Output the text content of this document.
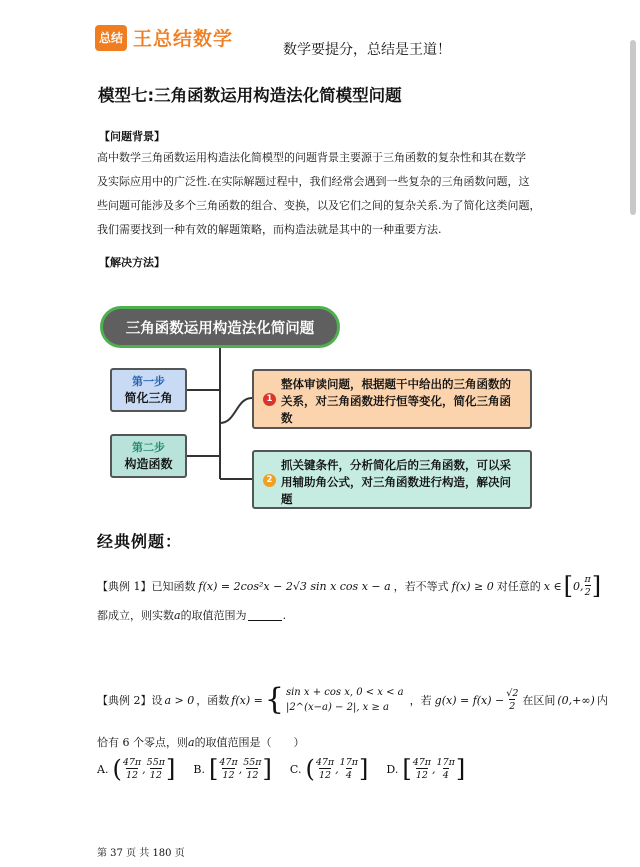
总结 王总结数学	数学要提分，总结是王道！
模型七:三角函数运用构造法化简模型问题
【问题背景】
高中数学三角函数运用构造法化简模型的问题背景主要源于三角函数的复杂性和其在数学
及实际应用中的广泛性.在实际解题过程中，我们经常会遇到一些复杂的三角函数问题，这
些问题可能涉及多个三角函数的组合、变换，以及它们之间的复杂关系.为了简化这类问题，
我们需要找到一种有效的解题策略，而构造法就是其中的一种重要方法.
【解决方法】
三角函数运用构造法化简问题
第一步
简化三角
第二步
构造函数
1
整体审读问题，根据题干中给出的三角函数的关系，对三角函数进行恒等变化，简化三角函数
2
抓关键条件，分析简化后的三角函数，可以采用辅助角公式，对三角函数进行构造，解决问题
经典例题：
【典例 1】已知函数 f(x) = 2cos²x − 2√3 sin x cos x − a ，若不等式 f(x) ≥ 0 对任意的 x ∈ [ 0, $\frac{\pi}{2}$ ]
都成立，则实数 a 的取值范围为	.
【典例 2】设 a > 0 ，函数 f(x) = { sin x + cos x, 0 < x < a
|2^(x−a) − 2|, x ≥ a
，若 $g(x) = f(x) - \frac{√2}{2}$ 在区间 (0,+∞) 内
恰有 6 个零点，则 a 的取值范围是（　　）
A. ( $\frac{47\pi}{12}$ , $\frac{55\pi}{12}$ ] B. [ $\frac{47\pi}{12}$ , $\frac{55\pi}{12}$ ] C. ( $\frac{47\pi}{12}$ , $\frac{17\pi}{4}$ ] D. [ $\frac{47\pi}{12}$ , $\frac{17\pi}{4}$ ]
第 37 页 共 180 页
